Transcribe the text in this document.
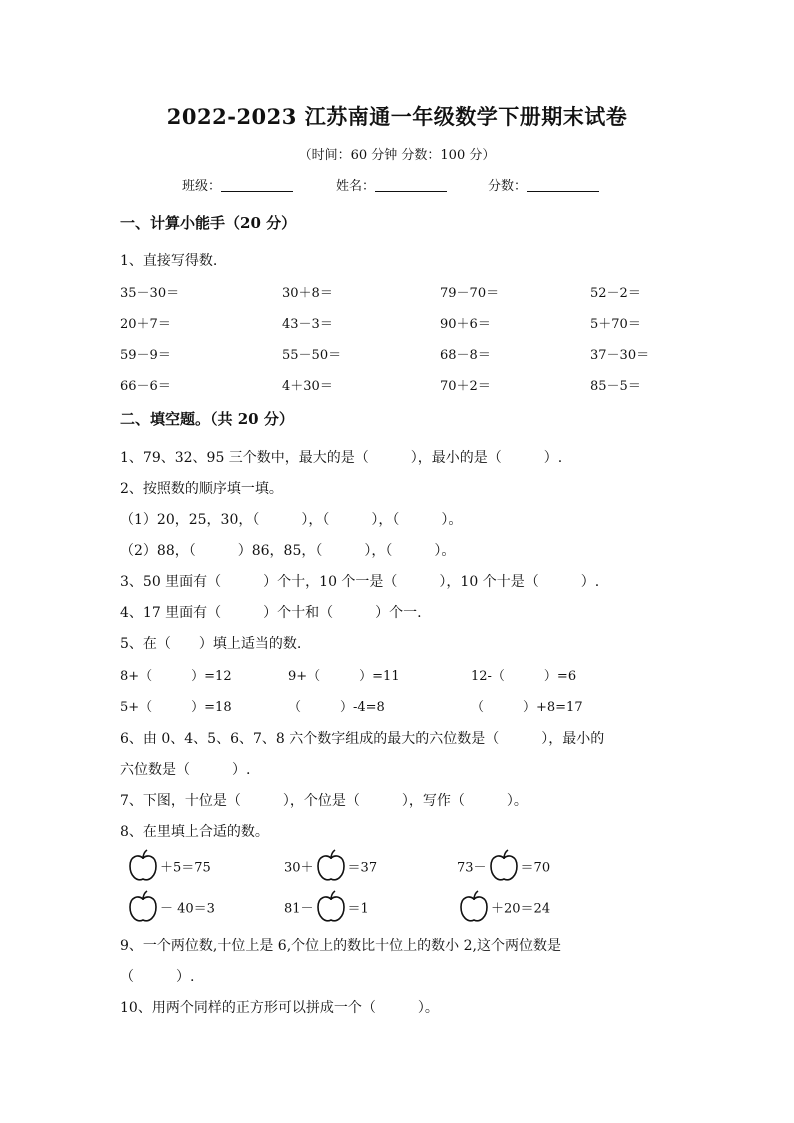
2022-2023 江苏南通一年级数学下册期末试卷
（时间：60 分钟 分数：100 分）
班级：	姓名：	分数：
一、计算小能手（20 分）
1、直接写得数.
35－30＝	30＋8＝	79－70＝	52－2＝
20＋7＝	43－3＝	90＋6＝	5＋70＝
59－9＝	55－50＝	68－8＝	37－30＝
66－6＝	4＋30＝	70＋2＝	85－5＝
二、填空题。（共 20 分）
1、79、32、95 三个数中，最大的是（　　　），最小的是（　　　）.
2、按照数的顺序填一填。
（1）20，25，30，（　　　），（　　　），（　　　）。
（2）88，（　　　）86，85，（　　　），（　　　）。
3、50 里面有（　　　）个十，10 个一是（　　　），10 个十是（　　　）.
4、17 里面有（　　　）个十和（　　　）个一.
5、在（　　）填上适当的数.
8+（　　　）=12	9+（　　　）=11	12-（　　　）=6
5+（　　　）=18	（　　　）-4=8	（　　　）+8=17
6、由 0、4、5、6、7、8 六个数字组成的最大的六位数是（　　　），最小的
六位数是（　　　）.
7、下图，十位是（　　　），个位是（　　　），写作（　　　）。
8、在里填上合适的数。
＋5＝75	30＋	＝37	73－	＝70
－ 40＝3	81－	＝1	＋20＝24
9、一个两位数,十位上是 6,个位上的数比十位上的数小 2,这个两位数是
（　　　）.
10、用两个同样的正方形可以拼成一个（　　　）。
